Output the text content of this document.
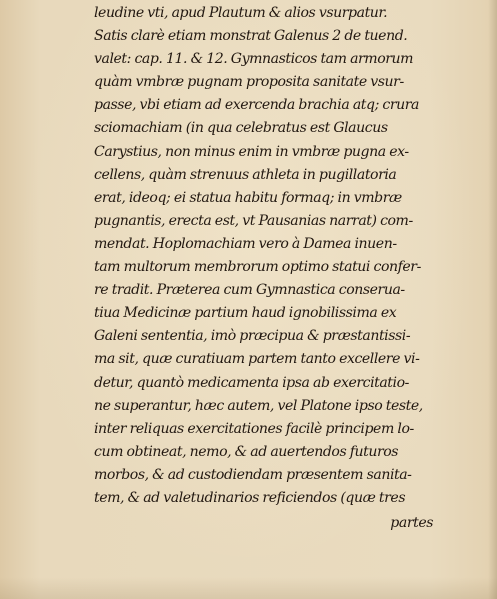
leudine vti, apud Plautum & alios vsurpatur.
Satis clarè etiam monstrat Galenus 2 de tuend.
valet: cap. 11. & 12. Gymnasticos tam armorum
quàm vmbræ pugnam proposita sanitate vsur-
passe, vbi etiam ad exercenda brachia atq; crura
sciomachiam (in qua celebratus est Glaucus
Carystius, non minus enim in vmbræ pugna ex-
cellens, quàm strenuus athleta in pugillatoria
erat, ideoq; ei statua habitu formaq; in vmbræ
pugnantis, erecta est, vt Pausanias narrat) com-
mendat. Hoplomachiam vero à Damea inuen-
tam multorum membrorum optimo statui confer-
re tradit. Præterea cum Gymnastica conserua-
tiua Medicinæ partium haud ignobilissima ex
Galeni sententia, imò præcipua & præstantissi-
ma sit, quæ curatiuam partem tanto excellere vi-
detur, quantò medicamenta ipsa ab exercitatio-
ne superantur, hæc autem, vel Platone ipso teste,
inter reliquas exercitationes facilè principem lo-
cum obtineat, nemo, & ad auertendos futuros
morbos, & ad custodiendam præsentem sanita-
tem, & ad valetudinarios reficiendos (quæ tres
partes
